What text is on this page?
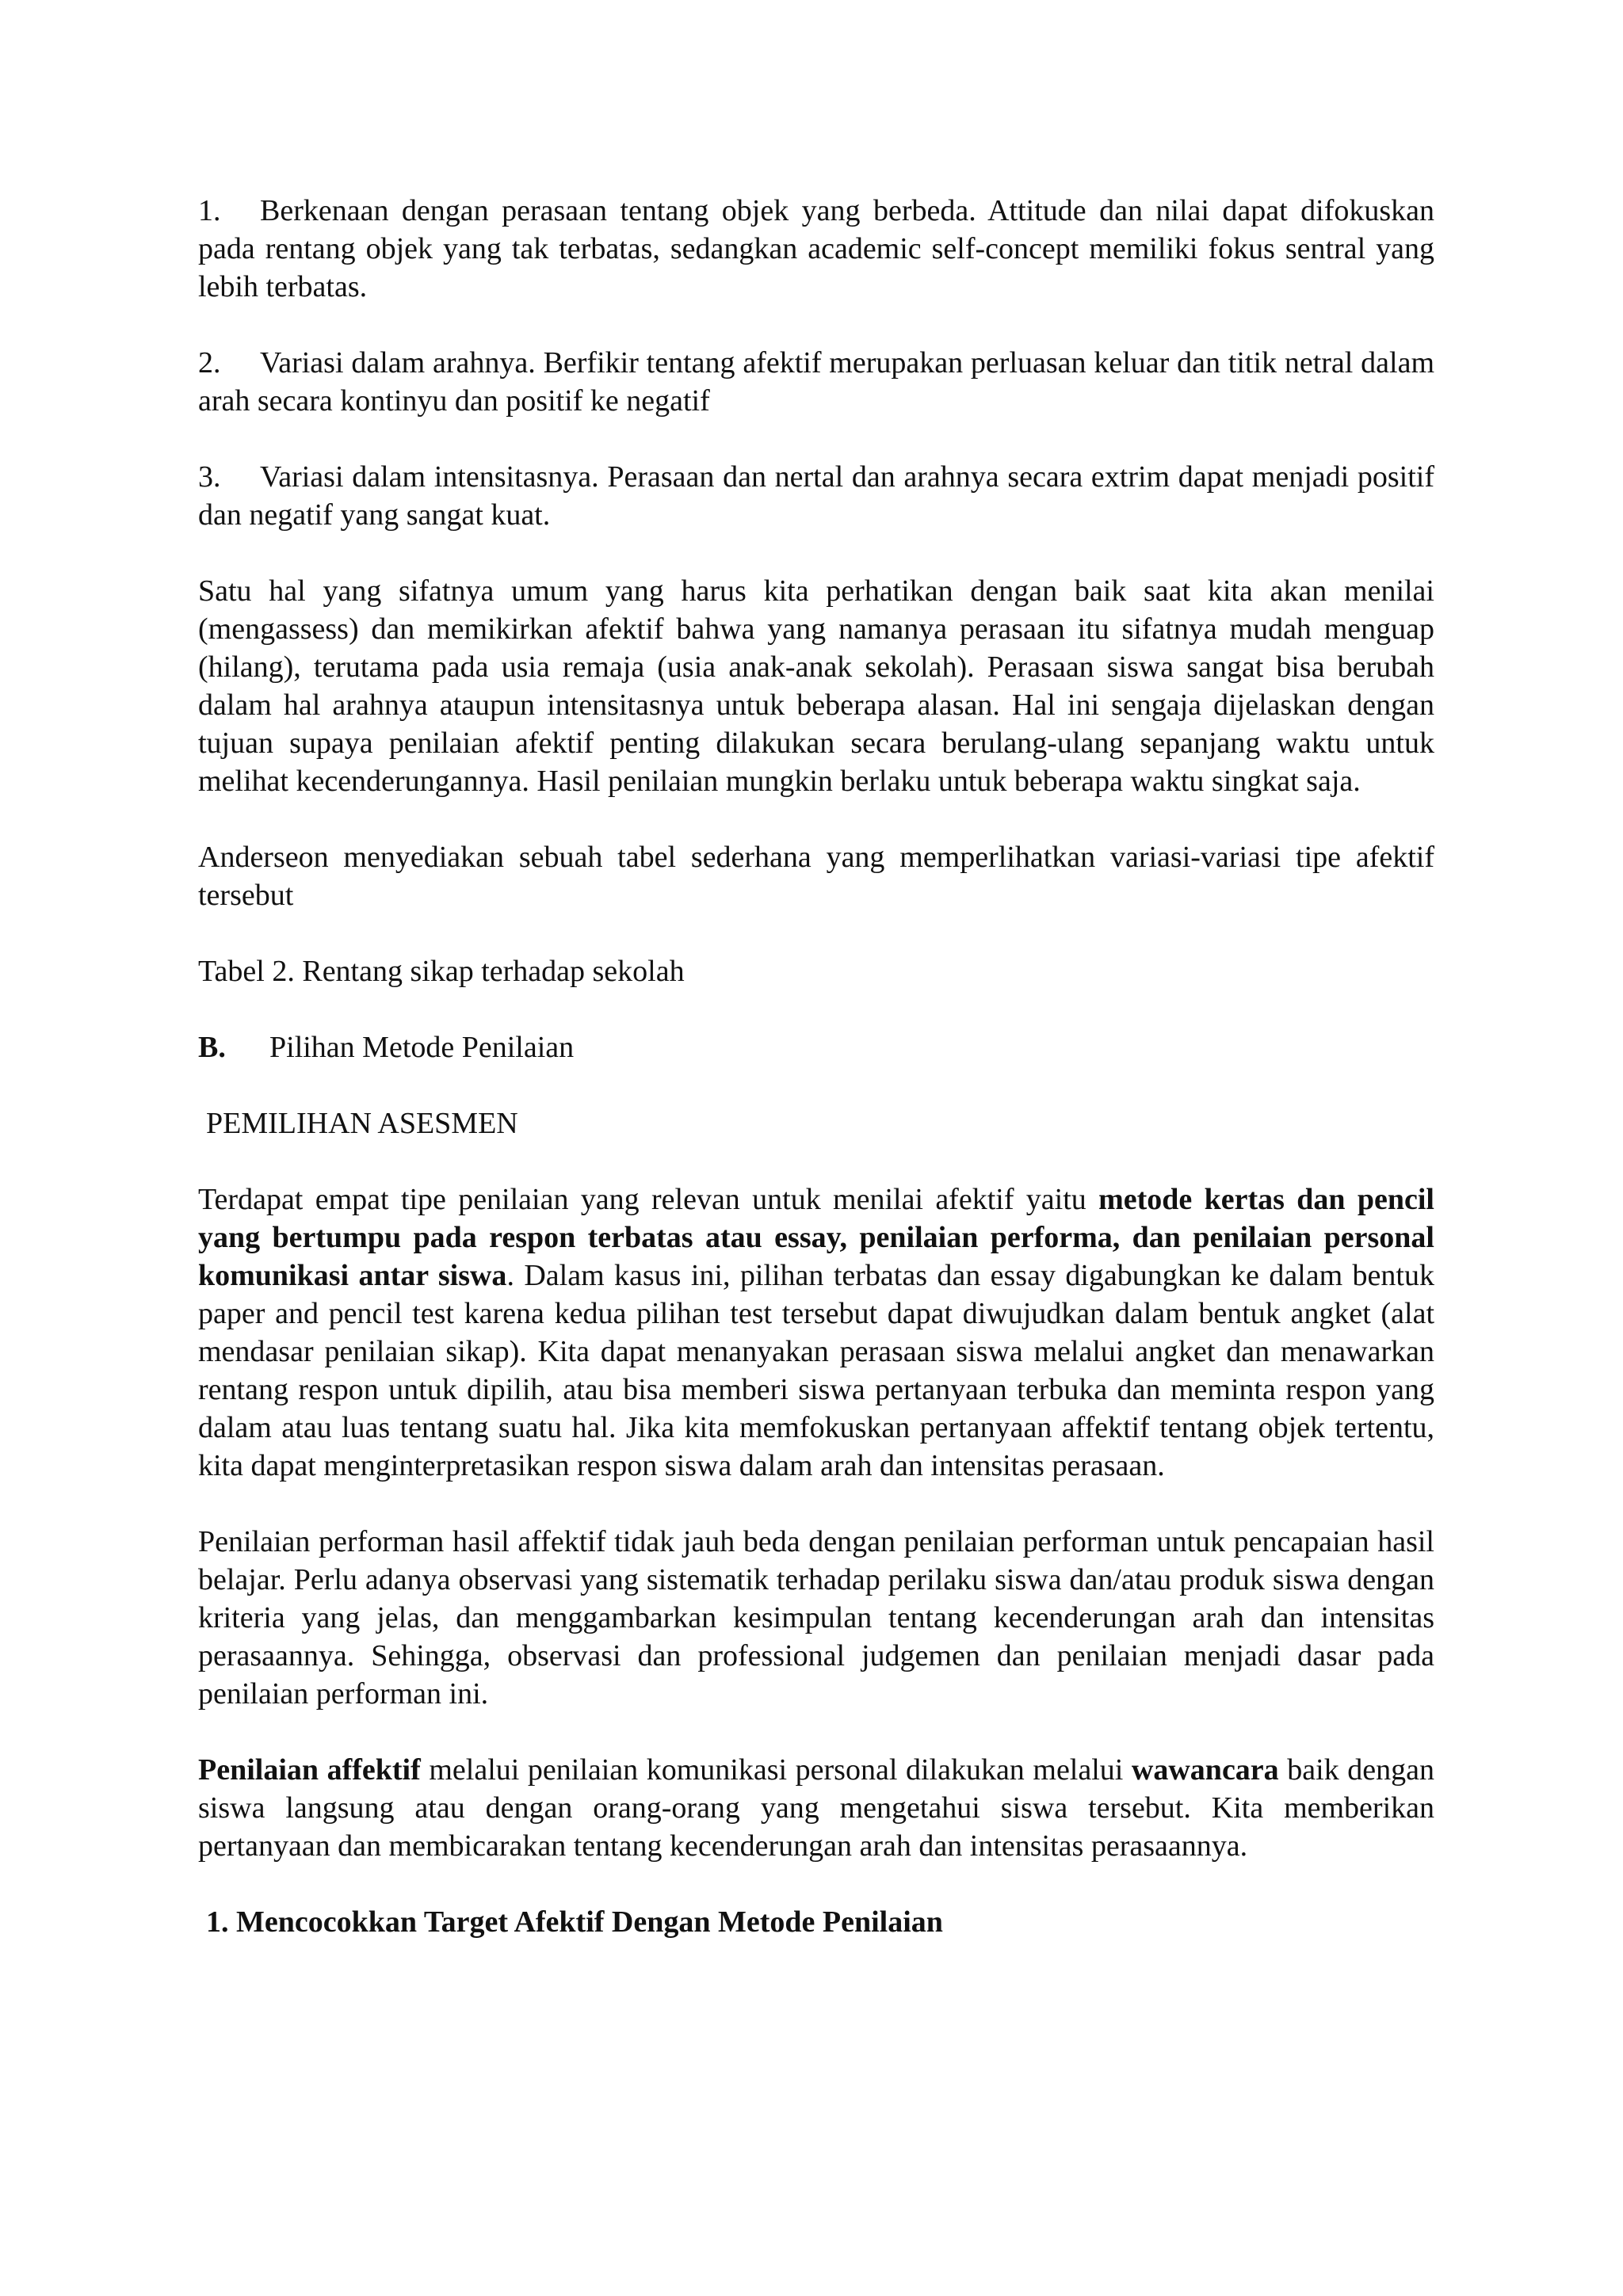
1. Berkenaan dengan perasaan tentang objek yang berbeda. Attitude dan nilai dapat difokuskan pada rentang objek yang tak terbatas, sedangkan academic self-concept memiliki fokus sentral yang lebih terbatas.

2. Variasi dalam arahnya. Berfikir tentang afektif merupakan perluasan keluar dan titik netral dalam arah secara kontinyu dan positif ke negatif

3. Variasi dalam intensitasnya. Perasaan dan nertal dan arahnya secara extrim dapat menjadi positif dan negatif yang sangat kuat.

Satu hal yang sifatnya umum yang harus kita perhatikan dengan baik saat kita akan menilai (mengassess) dan memikirkan afektif bahwa yang namanya perasaan itu sifatnya mudah menguap (hilang), terutama pada usia remaja (usia anak-anak sekolah). Perasaan siswa sangat bisa berubah dalam hal arahnya ataupun intensitasnya untuk beberapa alasan. Hal ini sengaja dijelaskan dengan tujuan supaya penilaian afektif penting dilakukan secara berulang-ulang sepanjang waktu untuk melihat kecenderungannya. Hasil penilaian mungkin berlaku untuk beberapa waktu singkat saja.

Anderseon menyediakan sebuah tabel sederhana yang memperlihatkan variasi-variasi tipe afektif tersebut

Tabel 2. Rentang sikap terhadap sekolah

B. Pilihan Metode Penilaian

PEMILIHAN ASESMEN

Terdapat empat tipe penilaian yang relevan untuk menilai afektif yaitu metode kertas dan pencil yang bertumpu pada respon terbatas atau essay, penilaian performa, dan penilaian personal komunikasi antar siswa. Dalam kasus ini, pilihan terbatas dan essay digabungkan ke dalam bentuk paper and pencil test karena kedua pilihan test tersebut dapat diwujudkan dalam bentuk angket (alat mendasar penilaian sikap). Kita dapat menanyakan perasaan siswa melalui angket dan menawarkan rentang respon untuk dipilih, atau bisa memberi siswa pertanyaan terbuka dan meminta respon yang dalam atau luas tentang suatu hal. Jika kita memfokuskan pertanyaan affektif tentang objek tertentu, kita dapat menginterpretasikan respon siswa dalam arah dan intensitas perasaan.

Penilaian performan hasil affektif tidak jauh beda dengan penilaian performan untuk pencapaian hasil belajar. Perlu adanya observasi yang sistematik terhadap perilaku siswa dan/atau produk siswa dengan kriteria yang jelas, dan menggambarkan kesimpulan tentang kecenderungan arah dan intensitas perasaannya. Sehingga, observasi dan professional judgemen dan penilaian menjadi dasar pada penilaian performan ini.

Penilaian affektif melalui penilaian komunikasi personal dilakukan melalui wawancara baik dengan siswa langsung atau dengan orang-orang yang mengetahui siswa tersebut. Kita memberikan pertanyaan dan membicarakan tentang kecenderungan arah dan intensitas perasaannya.

1. Mencocokkan Target Afektif Dengan Metode Penilaian
